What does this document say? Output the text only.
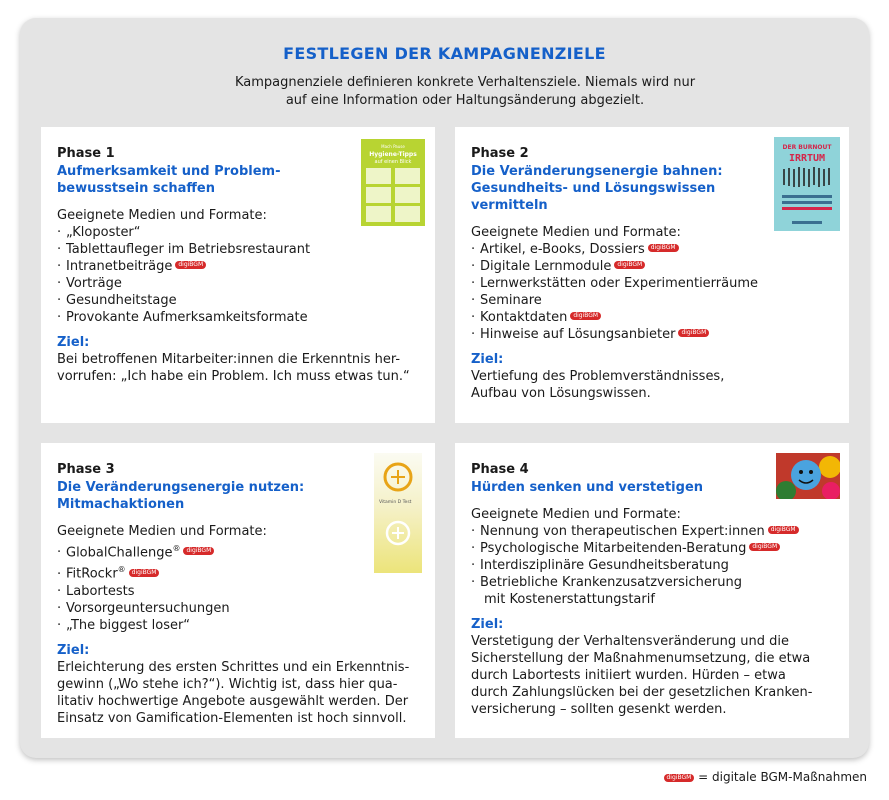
FESTLEGEN DER KAMPAGNENZIELE
Kampagnenziele definieren konkrete Verhaltensziele. Niemals wird nur
auf eine Information oder Haltungsänderung abgezielt.
Mach Pause
Hygiene-Tipps
auf einen Blick
Phase 1
Aufmerksamkeit und Problem-
bewusstsein schaffen
Geeignete Medien und Formate:
· „Kloposter“
· Tablettaufleger im Betriebsrestaurant
· Intranetbeiträge digiBGM
· Vorträge
· Gesundheitstage
· Provokante Aufmerksamkeitsformate
Ziel:
Bei betroffenen Mitarbeiter:innen die Erkenntnis her-
vorrufen: „Ich habe ein Problem. Ich muss etwas tun.“
DER BURNOUT
IRRTUM
Phase 2
Die Veränderungsenergie bahnen:
Gesundheits- und Lösungswissen
vermitteln
Geeignete Medien und Formate:
· Artikel, e-Books, Dossiers digiBGM
· Digitale Lernmodule digiBGM
· Lernwerkstätten oder Experimentierräume
· Seminare
· Kontaktdaten digiBGM
· Hinweise auf Lösungsanbieter digiBGM
Ziel:
Vertiefung des Problemverständnisses,
Aufbau von Lösungswissen.
Vitamin D Test
Phase 3
Die Veränderungsenergie nutzen:
Mitmachaktionen
Geeignete Medien und Formate:
· GlobalChallenge® digiBGM
· FitRockr® digiBGM
· Labortests
· Vorsorgeuntersuchungen
· „The biggest loser“
Ziel:
Erleichterung des ersten Schrittes und ein Erkenntnis-
gewinn („Wo stehe ich?“). Wichtig ist, dass hier qua-
litativ hochwertige Angebote ausgewählt werden. Der
Einsatz von Gamification-Elementen ist hoch sinnvoll.
Phase 4
Hürden senken und verstetigen
Geeignete Medien und Formate:
· Nennung von therapeutischen Expert:innen digiBGM
· Psychologische Mitarbeitenden-Beratung digiBGM
· Interdisziplinäre Gesundheitsberatung
· Betriebliche Krankenzusatzversicherung
mit Kostenerstattungstarif
Ziel:
Verstetigung der Verhaltensveränderung und die
Sicherstellung der Maßnahmenumsetzung, die etwa
durch Labortests initiiert wurden. Hürden – etwa
durch Zahlungslücken bei der gesetzlichen Kranken-
versicherung – sollten gesenkt werden.
digiBGM = digitale BGM-Maßnahmen
